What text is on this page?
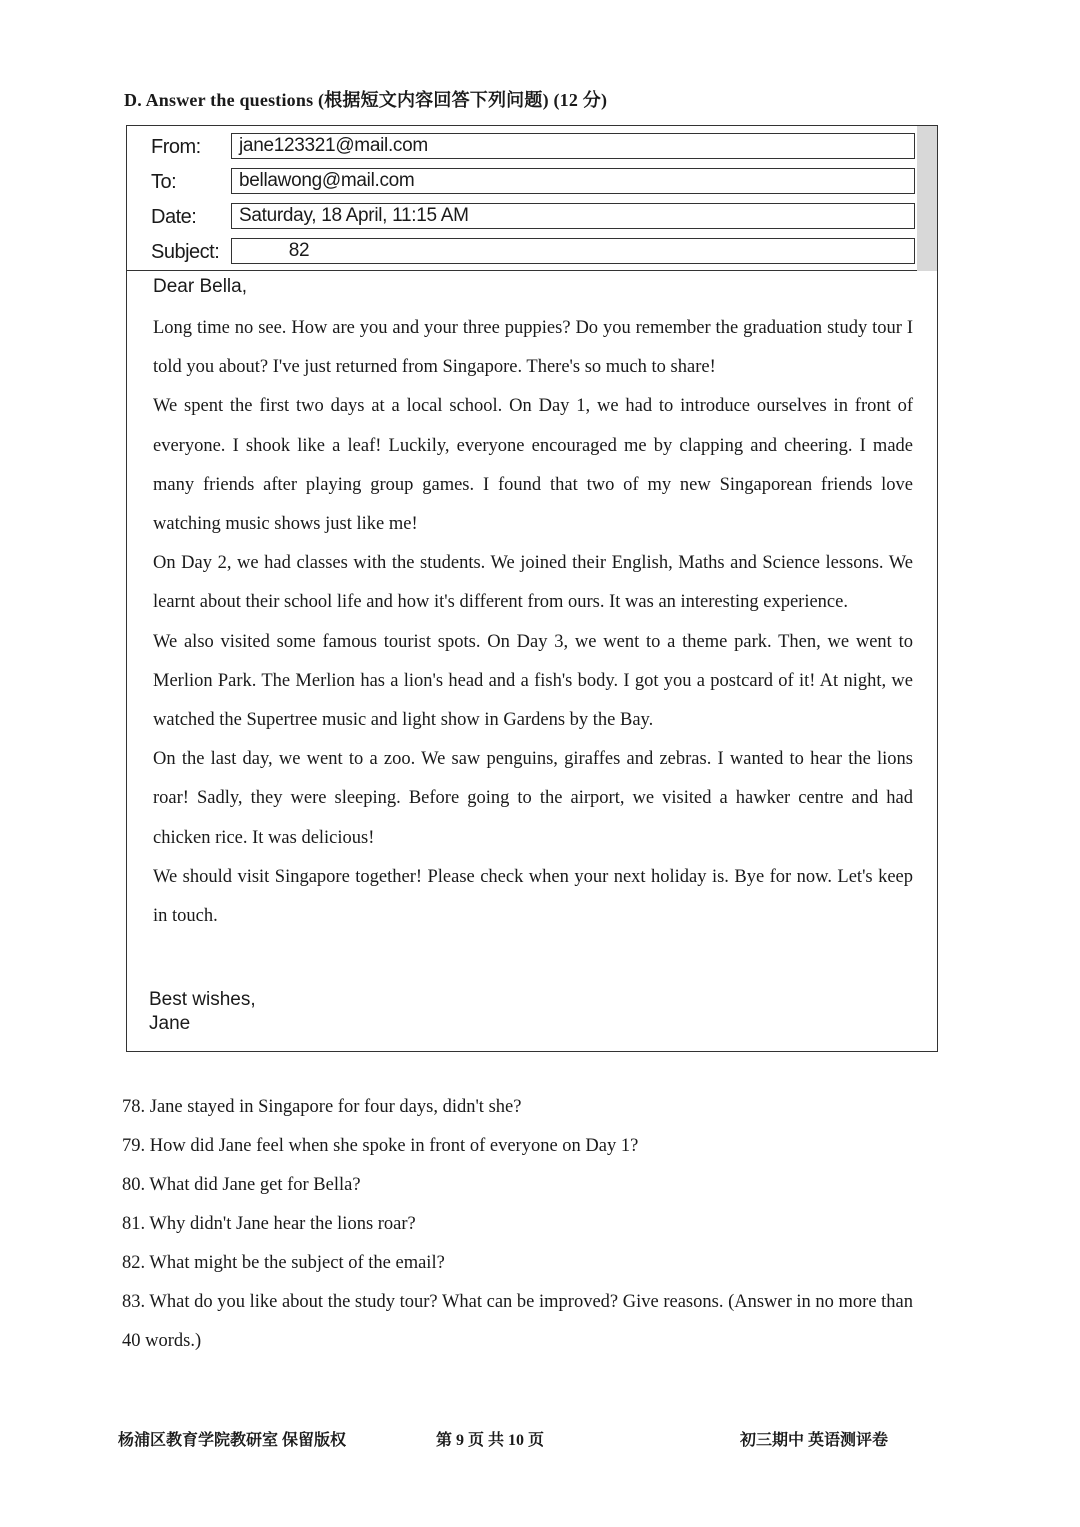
D. Answer the questions (根据短文内容回答下列问题) (12 分)
From:	jane123321@mail.com
To:	bellawong@mail.com
Date:	Saturday, 18 April, 11:15 AM
Subject:	82
Dear Bella,

Long time no see. How are you and your three puppies? Do you remember the graduation study tour I told you about? I've just returned from Singapore. There's so much to share!

We spent the first two days at a local school. On Day 1, we had to introduce ourselves in front of everyone. I shook like a leaf! Luckily, everyone encouraged me by clapping and cheering. I made many friends after playing group games. I found that two of my new Singaporean friends love watching music shows just like me!

On Day 2, we had classes with the students. We joined their English, Maths and Science lessons. We learnt about their school life and how it's different from ours. It was an interesting experience.

We also visited some famous tourist spots. On Day 3, we went to a theme park. Then, we went to Merlion Park. The Merlion has a lion's head and a fish's body. I got you a postcard of it! At night, we watched the Supertree music and light show in Gardens by the Bay.

On the last day, we went to a zoo. We saw penguins, giraffes and zebras. I wanted to hear the lions roar! Sadly, they were sleeping. Before going to the airport, we visited a hawker centre and had chicken rice. It was delicious!

We should visit Singapore together! Please check when your next holiday is. Bye for now. Let's keep in touch.

Best wishes,
Jane

78. Jane stayed in Singapore for four days, didn't she?

79. How did Jane feel when she spoke in front of everyone on Day 1?

80. What did Jane get for Bella?

81. Why didn't Jane hear the lions roar?

82. What might be the subject of the email?

83. What do you like about the study tour? What can be improved? Give reasons. (Answer in no more than 40 words.)

杨浦区教育学院教研室 保留版权	第 9 页 共 10 页	初三期中 英语测评卷
